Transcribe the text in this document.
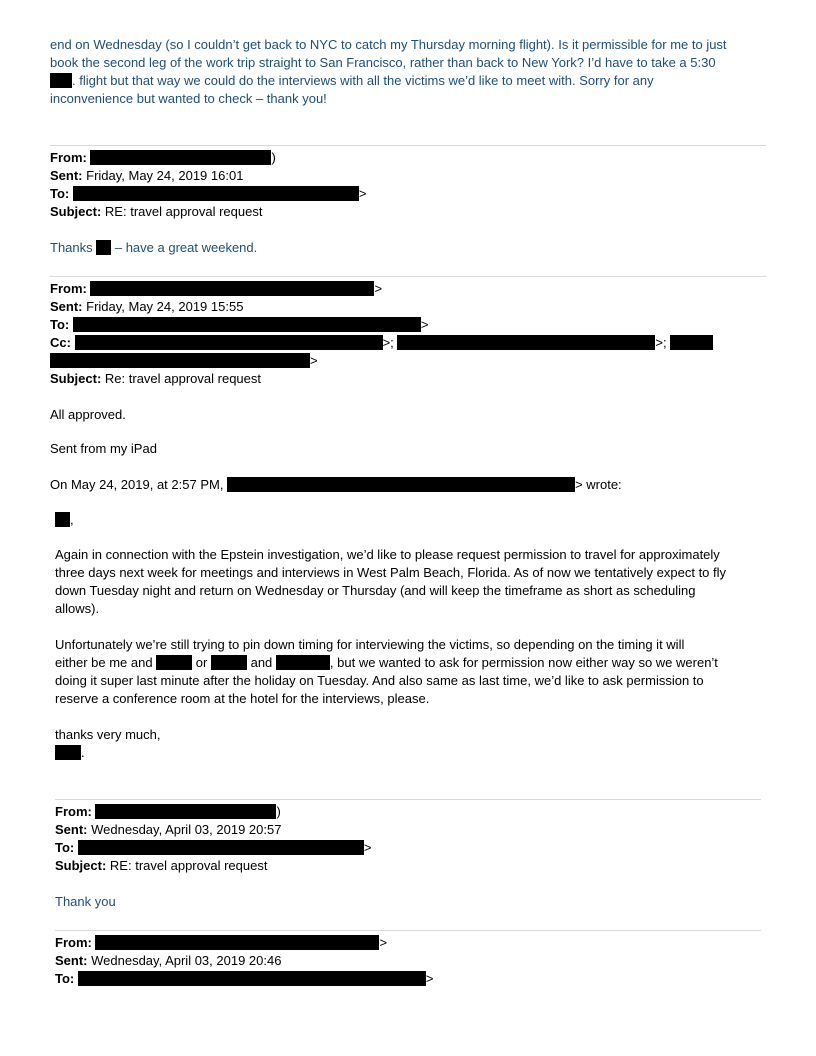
end on Wednesday (so I couldn’t get back to NYC to catch my Thursday morning flight). Is it permissible for me to just
book the second leg of the work trip straight to San Francisco, rather than back to New York? I’d have to take a 5:30
. flight but that way we could do the interviews with all the victims we’d like to meet with. Sorry for any
inconvenience but wanted to check – thank you!
From:	)
Sent: Friday, May 24, 2019 16:01
To:	>
Subject: RE: travel approval request
Thanks  – have a great weekend.
From:	>
Sent: Friday, May 24, 2019 15:55
To:	>
Cc:	>;	>;
>
Subject: Re: travel approval request
All approved.
Sent from my iPad
On May 24, 2019, at 2:57 PM,	> wrote:
,
Again in connection with the Epstein investigation, we’d like to please request permission to travel for approximately
three days next week for meetings and interviews in West Palm Beach, Florida. As of now we tentatively expect to fly
down Tuesday night and return on Wednesday or Thursday (and will keep the timeframe as short as scheduling
allows).
Unfortunately we’re still trying to pin down timing for interviewing the victims, so depending on the timing it will
either be me and	or	and	, but we wanted to ask for permission now either way so we weren’t
doing it super last minute after the holiday on Tuesday. And also same as last time, we’d like to ask permission to
reserve a conference room at the hotel for the interviews, please.
thanks very much,
.
From:	)
Sent: Wednesday, April 03, 2019 20:57
To:	>
Subject: RE: travel approval request
Thank you
From:	>
Sent: Wednesday, April 03, 2019 20:46
To:	>
